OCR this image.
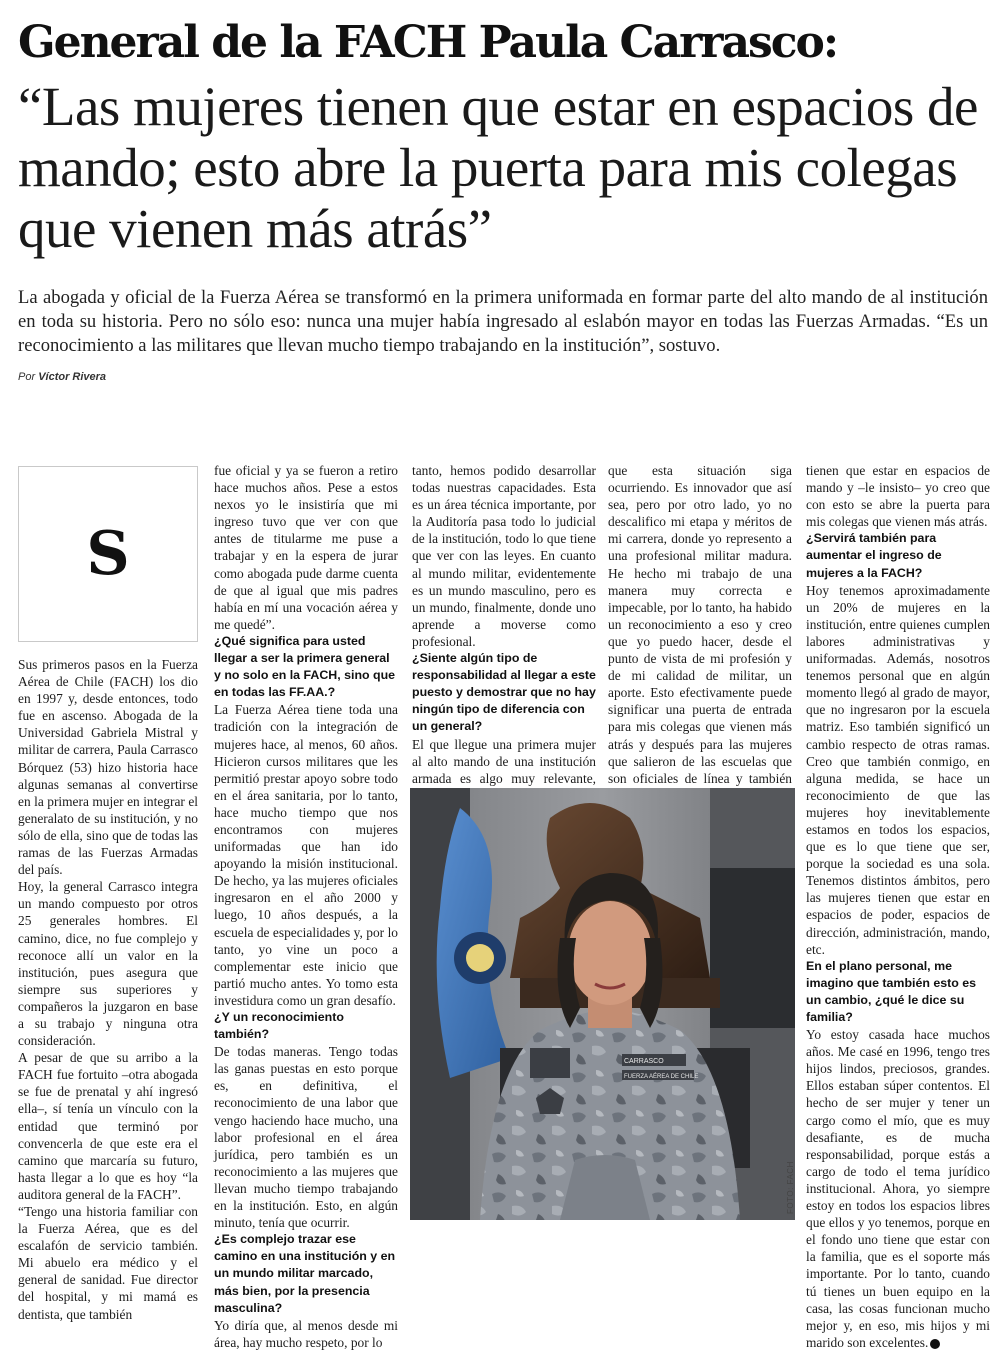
General de la FACH Paula Carrasco:
“Las mujeres tienen que estar en espacios de mando; esto abre la puerta para mis colegas que vienen más atrás”

La abogada y oficial de la Fuerza Aérea se transformó en la primera uniformada en formar parte del alto mando de al institución en toda su historia. Pero no sólo eso: nunca una mujer había ingresado al eslabón mayor en todas las Fuerzas Armadas. “Es un reconocimiento a las militares que llevan mucho tiempo trabajando en la institución”, sostuvo.

Por Víctor Rivera

S

Sus primeros pasos en la Fuerza Aérea de Chile (FACH) los dio en 1997 y, desde entonces, todo fue en ascenso. Abogada de la Universidad Gabriela Mistral y militar de carrera, Paula Carrasco Bórquez (53) hizo historia hace algunas semanas al convertirse en la primera mujer en integrar el generalato de su institución, y no sólo de ella, sino que de todas las ramas de las Fuerzas Armadas del país.

Hoy, la general Carrasco integra un mando compuesto por otros 25 generales hombres. El camino, dice, no fue complejo y reconoce allí un valor en la institución, pues asegura que siempre sus superiores y compañeros la juzgaron en base a su trabajo y ninguna otra consideración.

A pesar de que su arribo a la FACH fue fortuito –otra abogada se fue de prenatal y ahí ingresó ella–, sí tenía un vínculo con la entidad que terminó por convencerla de que este era el camino que marcaría su futuro, hasta llegar a lo que es hoy “la auditora general de la FACH”.

“Tengo una historia familiar con la Fuerza Aérea, que es del escalafón de servicio también. Mi abuelo era médico y el general de sanidad. Fue director del hospital, y mi mamá es dentista, que también

fue oficial y ya se fueron a retiro hace muchos años. Pese a estos nexos yo le insistiría que mi ingreso tuvo que ver con que antes de titularme me puse a trabajar y en la espera de jurar como abogada pude darme cuenta de que al igual que mis padres había en mí una vocación aérea y me quedé”.

¿Qué significa para usted llegar a ser la primera general y no solo en la FACH, sino que en todas las FF.AA.?

La Fuerza Aérea tiene toda una tradición con la integración de mujeres hace, al menos, 60 años. Hicieron cursos militares que les permitió prestar apoyo sobre todo en el área sanitaria, por lo tanto, hace mucho tiempo que nos encontramos con mujeres uniformadas que han ido apoyando la misión institucional. De hecho, ya las mujeres oficiales ingresaron en el año 2000 y luego, 10 años después, a la escuela de especialidades y, por lo tanto, yo vine un poco a complementar este inicio que partió mucho antes. Yo tomo esta investidura como un gran desafío.

¿Y un reconocimiento también?

De todas maneras. Tengo todas las ganas puestas en esto porque es, en definitiva, el reconocimiento de una labor que vengo haciendo hace mucho, una labor profesional en el área jurídica, pero también es un reconocimiento a las mujeres que llevan mucho tiempo trabajando en la institución. Esto, en algún minuto, tenía que ocurrir.

¿Es complejo trazar ese camino en una institución y en un mundo militar marcado, más bien, por la presencia masculina?

Yo diría que, al menos desde mi área, hay mucho respeto, por lo

tanto, hemos podido desarrollar todas nuestras capacidades. Esta es un área técnica importante, por la Auditoría pasa todo lo judicial de la institución, todo lo que tiene que ver con las leyes. En cuanto al mundo militar, evidentemente es un mundo masculino, pero es un mundo, finalmente, donde uno aprende a moverse como profesional.

¿Siente algún tipo de responsabilidad al llegar a este puesto y demostrar que no hay ningún tipo de diferencia con un general?

El que llegue una primera mujer al alto mando de una institución armada es algo muy relevante,

que esta situación siga ocurriendo. Es innovador que así sea, pero por otro lado, yo no descalifico mi etapa y méritos de mi carrera, donde yo represento a una profesional militar madura. He hecho mi trabajo de una manera muy correcta e impecable, por lo tanto, ha habido un reconocimiento a eso y creo que yo puedo hacer, desde el punto de vista de mi profesión y de mi calidad de militar, un aporte. Esto efectivamente puede significar una puerta de entrada para mis colegas que vienen más atrás y después para las mujeres que salieron de las escuelas que son oficiales de línea y también

tienen que estar en espacios de mando y –le insisto– yo creo que con esto se abre la puerta para mis colegas que vienen más atrás.

¿Servirá también para aumentar el ingreso de mujeres a la FACH?

Hoy tenemos aproximadamente un 20% de mujeres en la institución, entre quienes cumplen labores administrativas y uniformadas. Además, nosotros tenemos personal que en algún momento llegó al grado de mayor, que no ingresaron por la escuela matriz. Eso también significó un cambio respecto de otras ramas. Creo que también conmigo, en alguna medida, se hace un reconocimiento de que las mujeres hoy inevitablemente estamos en todos los espacios, que es lo que tiene que ser, porque la sociedad es una sola. Tenemos distintos ámbitos, pero las mujeres tienen que estar en espacios de poder, espacios de dirección, administración, mando, etc.

En el plano personal, me imagino que también esto es un cambio, ¿qué le dice su familia?

Yo estoy casada hace muchos años. Me casé en 1996, tengo tres hijos lindos, preciosos, grandes. Ellos estaban súper contentos. El hecho de ser mujer y tener un cargo como el mío, que es muy desafiante, es de mucha responsabilidad, porque estás a cargo de todo el tema jurídico institucional. Ahora, yo siempre estoy en todos los espacios libres que ellos y yo tenemos, porque en el fondo uno tiene que estar con la familia, que es el soporte más importante. Por lo tanto, cuando tú tienes un buen equipo en la casa, las cosas funcionan mucho mejor y, en eso, mis hijos y mi marido son excelentes.

CARRASCO
FUERZA AÉREA DE CHILE
FOTO: FACH
